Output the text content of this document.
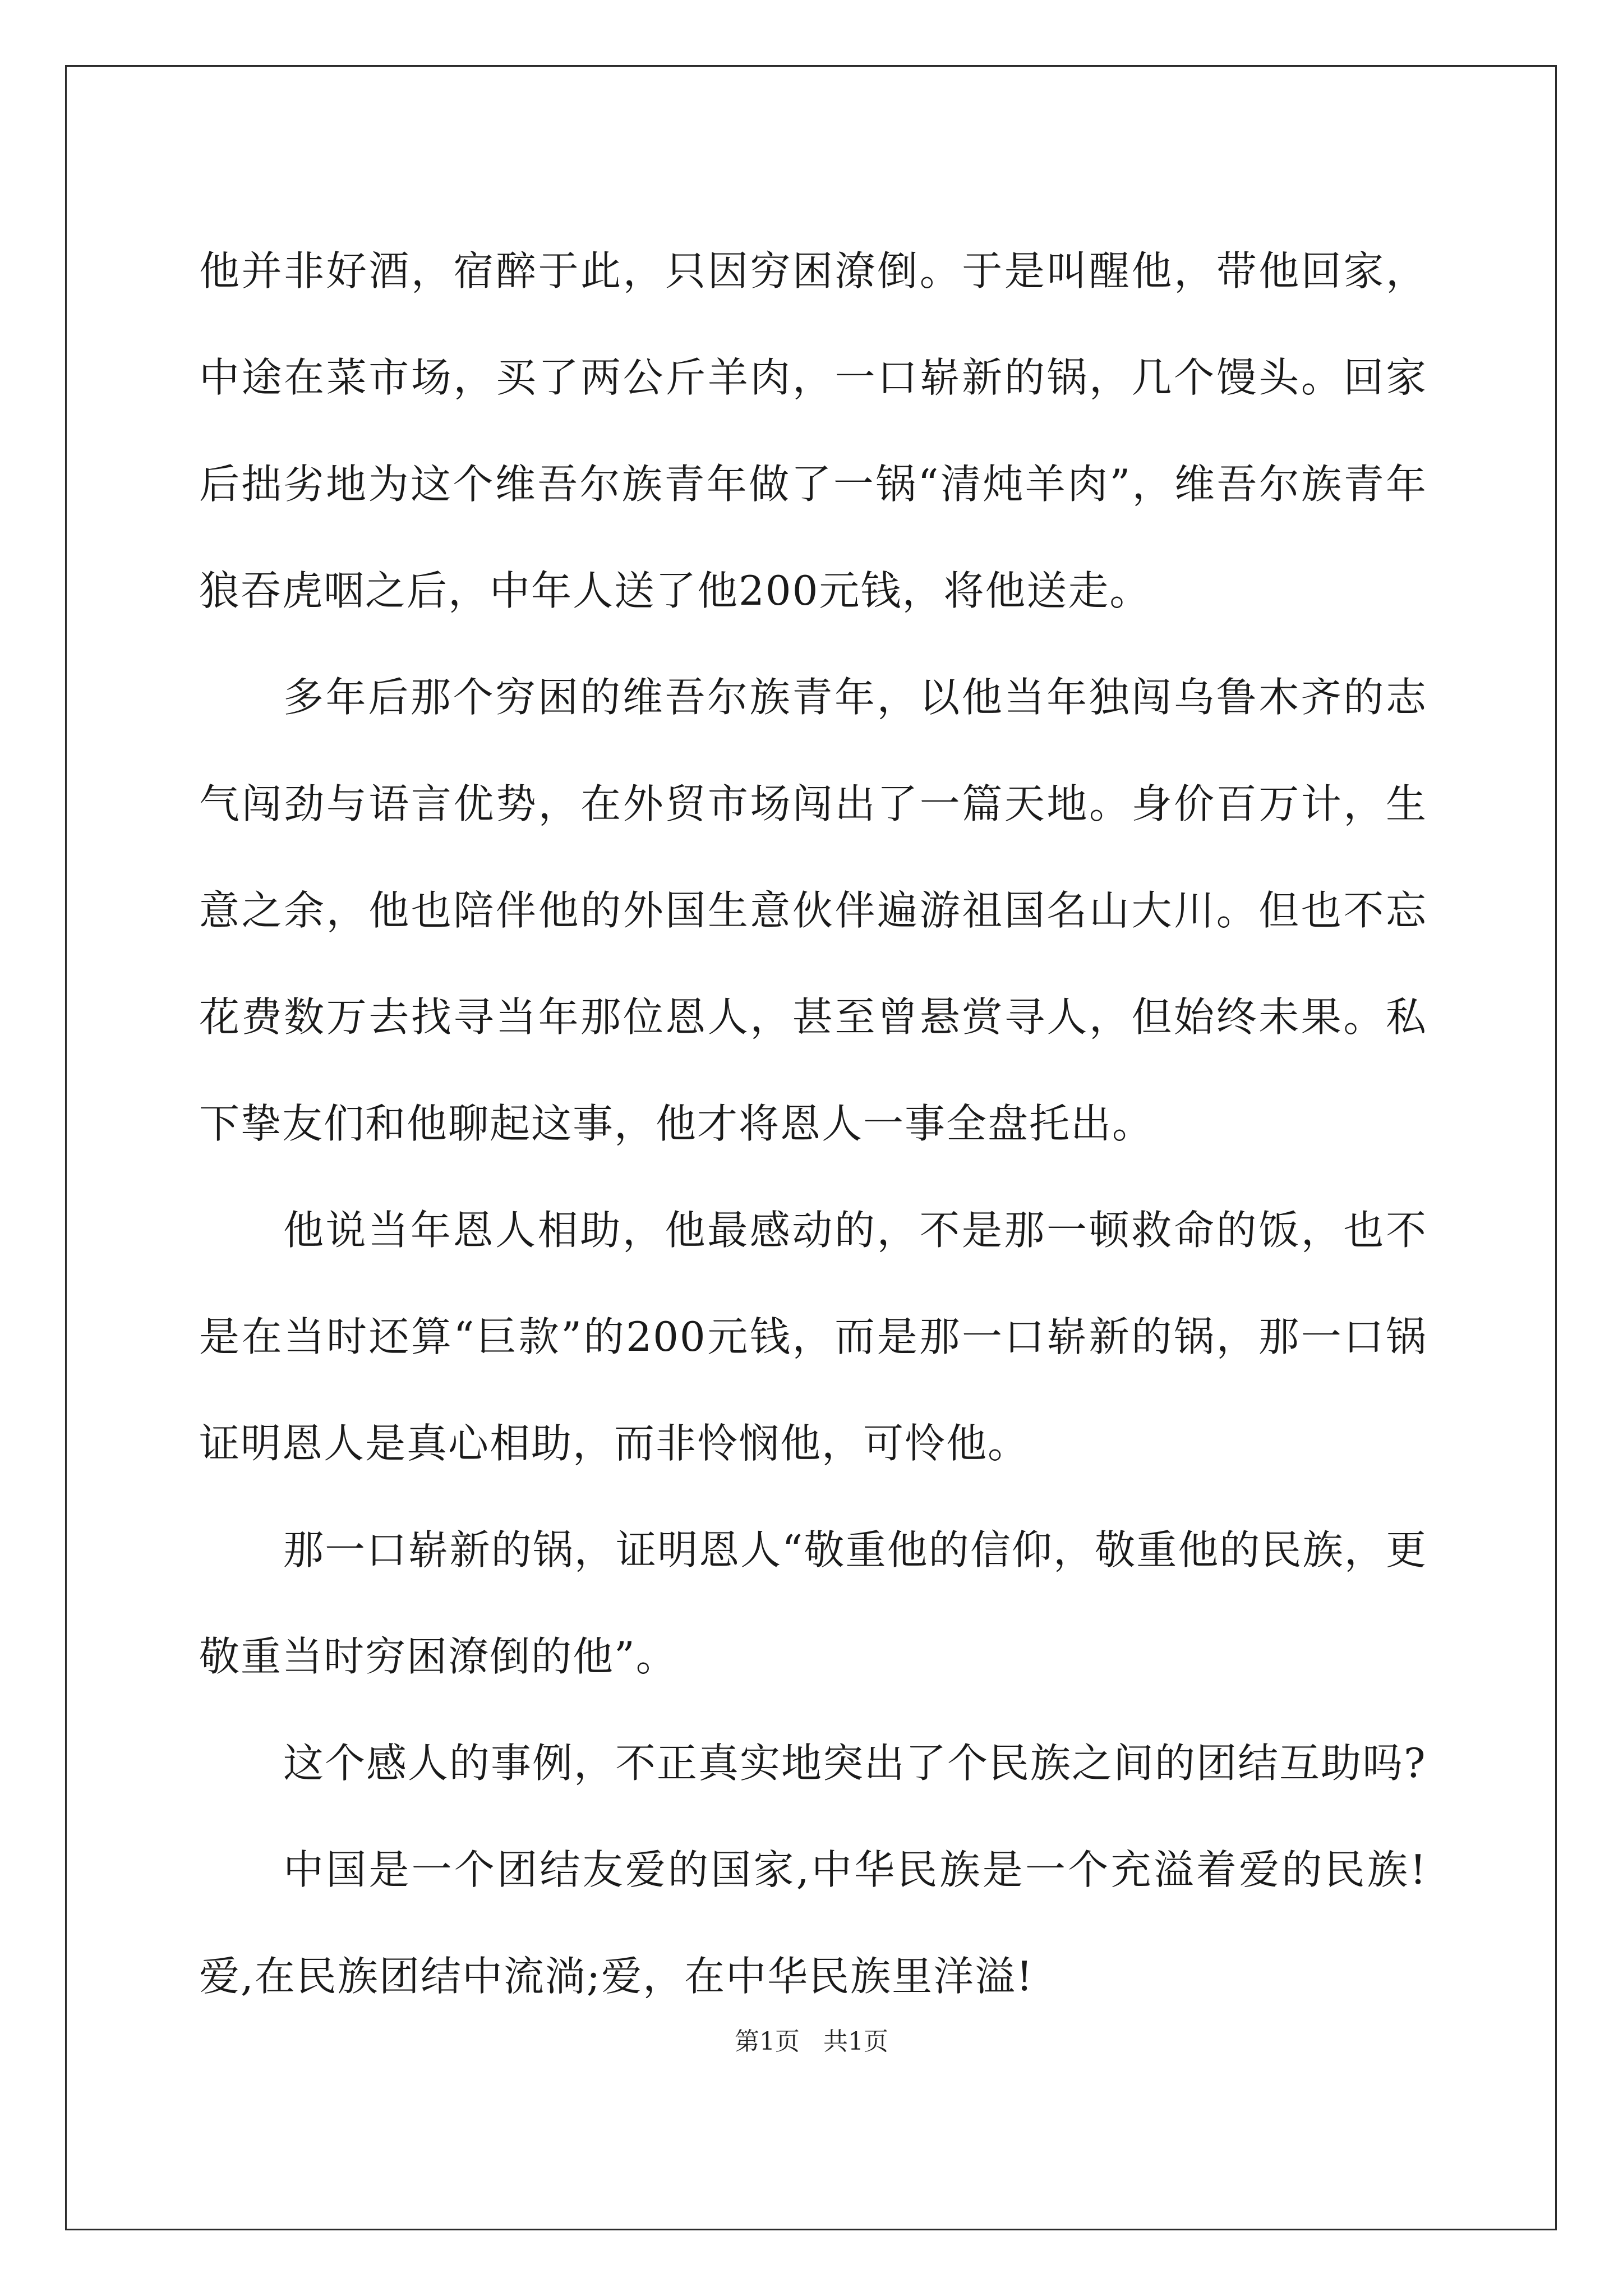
他并非好酒，宿醉于此，只因穷困潦倒。于是叫醒他，带他回家，中途在菜市场，买了两公斤羊肉，一口崭新的锅，几个馒头。回家后拙劣地为这个维吾尔族青年做了一锅“清炖羊肉”，维吾尔族青年狼吞虎咽之后，中年人送了他200元钱，将他送走。

多年后那个穷困的维吾尔族青年，以他当年独闯乌鲁木齐的志气闯劲与语言优势，在外贸市场闯出了一篇天地。身价百万计，生意之余，他也陪伴他的外国生意伙伴遍游祖国名山大川。但也不忘花费数万去找寻当年那位恩人，甚至曾悬赏寻人，但始终未果。私下挚友们和他聊起这事，他才将恩人一事全盘托出。

他说当年恩人相助，他最感动的，不是那一顿救命的饭，也不是在当时还算“巨款”的200元钱，而是那一口崭新的锅，那一口锅证明恩人是真心相助，而非怜悯他，可怜他。

那一口崭新的锅，证明恩人“敬重他的信仰，敬重他的民族，更敬重当时穷困潦倒的他”。

这个感人的事例，不正真实地突出了个民族之间的团结互助吗?

中国是一个团结友爱的国家,中华民族是一个充溢着爱的民族!爱,在民族团结中流淌;爱，在中华民族里洋溢!

第1页   共1页
